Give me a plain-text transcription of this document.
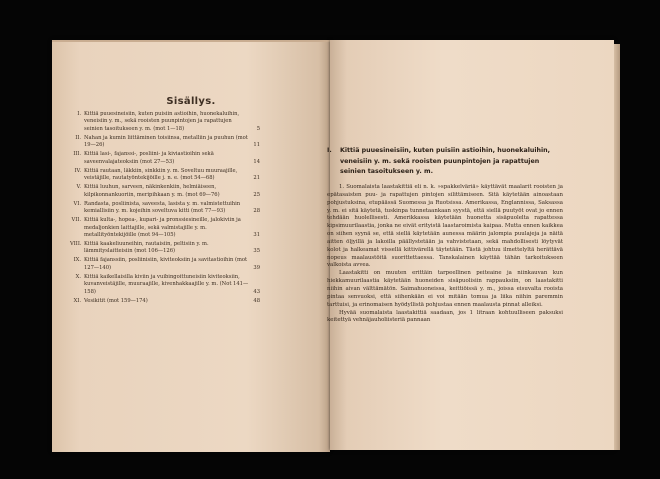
Sisällys.
I. Kittiä puuesineisiin, kuten puisiin astioihin, huonekaluihin, veneisiin y. m., sekä rooisten puunpintojen ja rapattujen seinien tasoitukseen y. m. (mot 1—18)	5
II. Nahan ja kumin liittäminen toisiinsa, metalliin ja puuhun (mot 19—26)	11
III. Kittiä lasi-, fajanssi-, posliini- ja kiviastioihin sekä saveenvalajateoksiin (mot 27—53)	14
IV. Kittiä rautaan, läkkiin, sinkkiin y. m. Soveltuu muuraajille, veistäjille, rautatyöntekijöille j. n. e. (mot 54—68)	21
V. Kittiä luuhun, sarveen, näkinkenkiin, helmiäiseen, kilpikonnankuoriin, meripihkaan y. m. (mot 69—76)	25
VI. Randasta, posliinista, saveesta, lasista y. m. valmistettuihin kemiallisiin y. m. kojeihin soveltuva kitti (mot 77—93)	28
VII. Kittiä kulta-, hopea-, kupari- ja pronssiesineille, jalokiviin ja medaljonkien laittajille, sekä valmistajille y. m. metallityöntekijöille (mot 94—105)	31
VIII. Kittiä kaakeliuuneihin, rautaisiin, peltisiin y. m. lämmityslaitteisiin (mot 106—126)	35
IX. Kittiä fajanssiin, posliinisiin, kiviteoksiin ja savitastioihin (mot 127—140)	39
X. Kittiä kaikellaisilla kiviin ja vuibingoittuneisiin kiviteoksiin, kuvanveistäjille, muuraajille, kivenhakkaajille y. m. (Not 141—158)	43
XI. Vesikitit (mot 159—174)	48
I. Kittiä puuesineisiin, kuten puisiin astioihin, huonekaluihin, veneisiin y. m. sekä rooisten puunpintojen ja rapattujen seinien tasoitukseen y. m.

1. Suomalaista laastakittiä eli n. k. »spakkelväriä» käyttävät maalarit rooisten ja epätasaisten puu- ja rapattujen pintojen silittämiseen. Sitä käytetään ainoastaan pohjustuksina, etupäässä Suomessa ja Ruotsissa. Amerikassa, Englannissa, Saksassa y. m. ei sitä käytetä, tuskinpa tunnetaankaan syystä, että siellä puutyöt ovat jo ennen tehdään huolellisesti. Amerikkassa käytetään huonetta sisäpuolelta rapattessa kipsimuurilaastia, jonka ne eivät erityistä laastaroimista kaipaa. Mutta ennen kaikkea on siihen syynä se, että siellä käytetään aunessa määrin jalompia puulajeja ja näitä aitten öljyillä ja lakoilla päällystetään ja vahvistetaan, sekä mahdollisesti löytyvät kolot ja halkeamat vissellä kittivärellä täytetään. Tästä johtuu ilmettelyltä herättävä nopeus maalaustöitä suorittettaessa. Tanskalainen käyttää tähän tarkoitukseen valkoista avvea.

Laastakitti on muuten erittäin tarpeellinen peiteaine ja niinkauvan kun hiekkamuurilaastia käytetään huoneiden sisäpuolisiin rappauksiin, on laastakitti niihin aivan välttämätön. Saimahuoneissa, keittiöissä y. m., joissa eisuvalta rooista pintaa senvuoksi, että siihenkään ei voi mitään tomua ja liika niihin paremmin tarttuisi, ja erinomaisen hyödyllistä pohjustaa ennen maalausta pinnat alleiksi.

Hyvää suomalaista laastakittiä saadaan, jos 1 litraan kohtuulliseen paksuksi keitettyä vehnäjauholiisteriä pannaan
